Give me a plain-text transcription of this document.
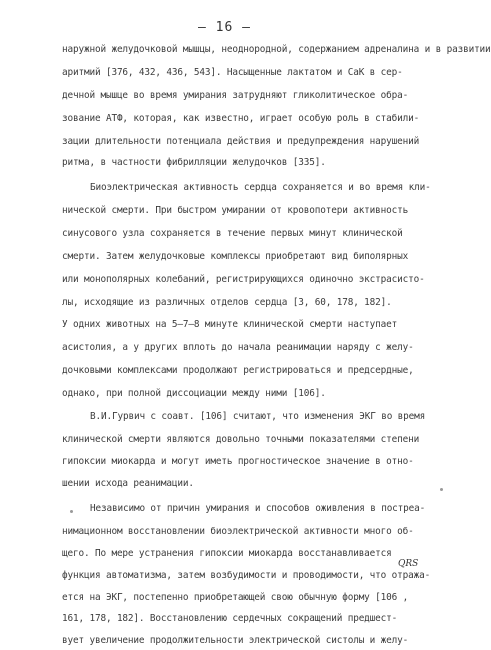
– 16 –
наружной желудочковой мышцы, неоднородной, содержанием адреналина и в развитии
аритмий [376, 432, 436, 543]. Насыщенные лактатом и СаК в сер-
дечной мышце во время умирания затрудняют гликолитическое обра-
зование АТФ, которая, как известно, играет особую роль в стабили-
зации длительности потенциала действия и предупреждения нарушений
ритма, в частности фибрилляции желудочков [335].
Биоэлектрическая активность сердца сохраняется и во время кли-
нической смерти. При быстром умирании от кровопотери активность
синусового узла сохраняется в течение первых минут клинической
смерти. Затем желудочковые комплексы приобретают вид биполярных
или монополярных колебаний, регистрирующихся одиночно экстрасисто-
лы, исходящие из различных отделов сердца [3, 60, 178, 182].
У одних животных на 5–7–8 минуте клинической смерти наступает
асистолия, а у других вплоть до начала реанимации наряду с желу-
дочковыми комплексами продолжают регистрироваться и предсердные,
однако, при полной диссоциации между ними [106].
В.И.Гурвич с соавт. [106] считают, что изменения ЭКГ во время
клинической смерти являются довольно точными показателями степени
гипоксии миокарда и могут иметь прогностическое значение в отно-
шении исхода реанимации.
Независимо от причин умирания и способов оживления в постреа-
нимационном восстановлении биоэлектрической активности много об-
щего. По мере устранения гипоксии миокарда восстанавливается
функция автоматизма, затем возбудимости и проводимости, что отража-
ется на ЭКГ, постепенно приобретающей свою обычную форму [106 ,
161, 178, 182]. Восстановлению сердечных сокращений предшест-
вует увеличение продолжительности электрической систолы и желу-
QRS
